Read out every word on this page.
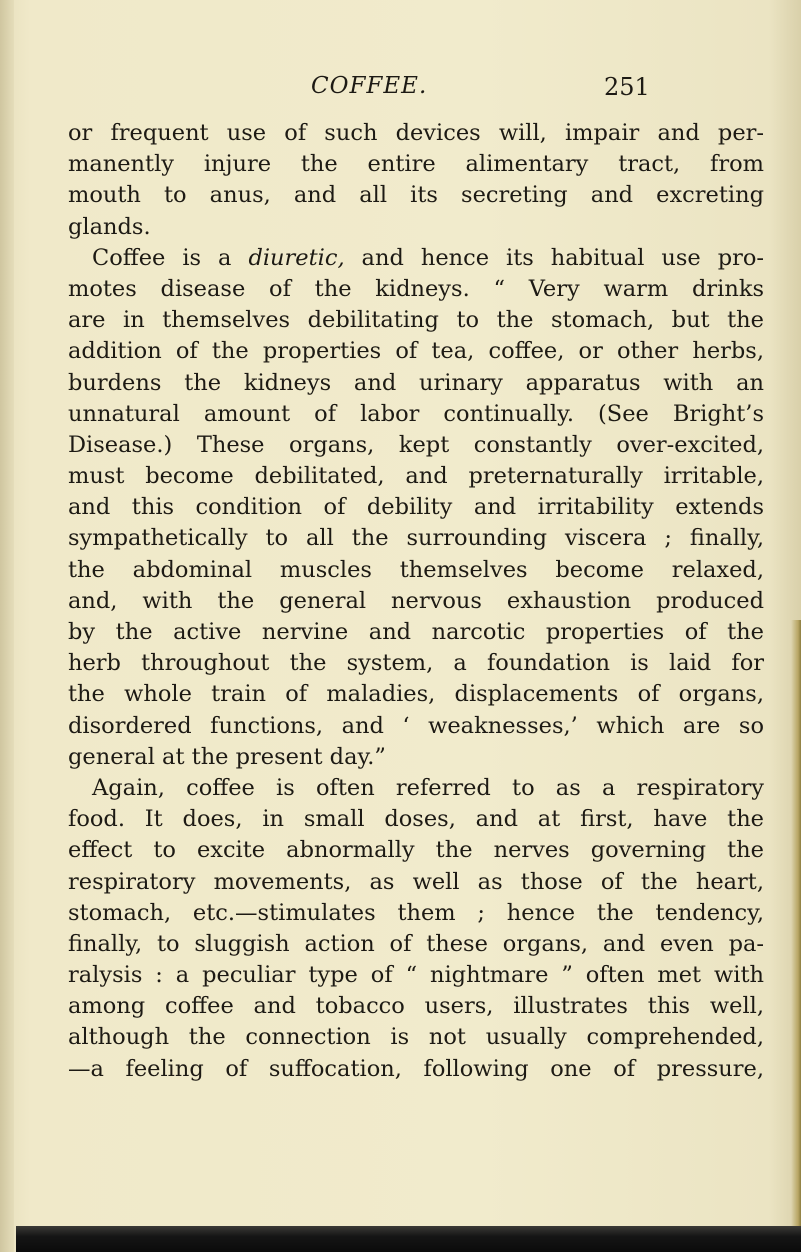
COFFEE.	251
or frequent use of such devices will, impair and per-
manently injure the entire alimentary tract, from
mouth to anus, and all its secreting and excreting
glands.
Coffee is a diuretic, and hence its habitual use pro-
motes disease of the kidneys. “ Very warm drinks
are in themselves debilitating to the stomach, but the
addition of the properties of tea, coffee, or other herbs,
burdens the kidneys and urinary apparatus with an
unnatural amount of labor continually. (See Bright’s
Disease.) These organs, kept constantly over-excited,
must become debilitated, and preternaturally irritable,
and this condition of debility and irritability extends
sympathetically to all the surrounding viscera ; finally,
the abdominal muscles themselves become relaxed,
and, with the general nervous exhaustion produced
by the active nervine and narcotic properties of the
herb throughout the system, a foundation is laid for
the whole train of maladies, displacements of organs,
disordered functions, and ‘ weaknesses,’ which are so
general at the present day.”
Again, coffee is often referred to as a respiratory
food. It does, in small doses, and at first, have the
effect to excite abnormally the nerves governing the
respiratory movements, as well as those of the heart,
stomach, etc.—stimulates them ; hence the tendency,
finally, to sluggish action of these organs, and even pa-
ralysis : a peculiar type of “ nightmare ” often met with
among coffee and tobacco users, illustrates this well,
although the connection is not usually comprehended,
—a feeling of suffocation, following one of pressure,
